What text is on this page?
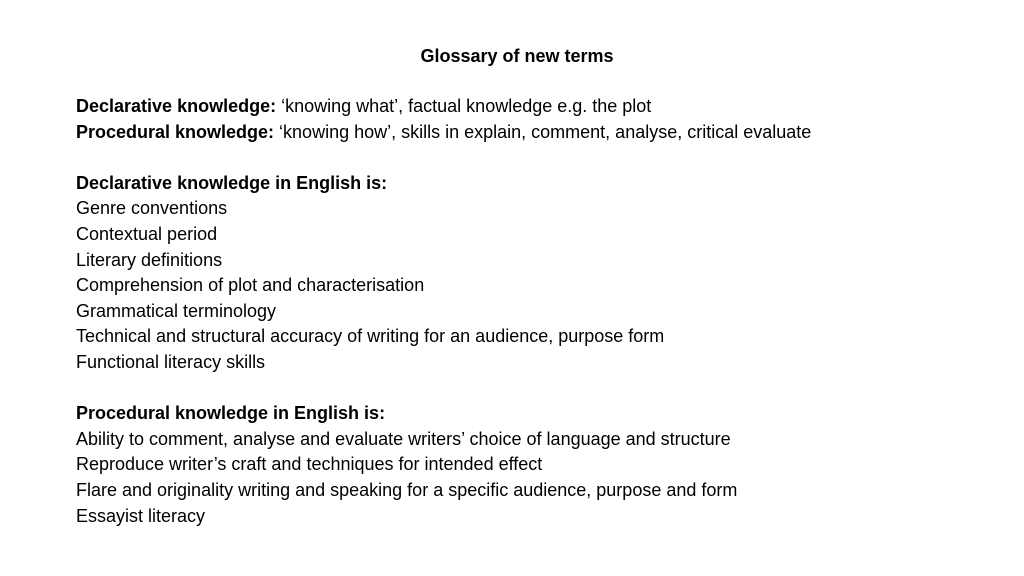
Glossary of new terms
Declarative knowledge: ‘knowing what’, factual knowledge e.g. the plot
Procedural knowledge: ‘knowing how’, skills in explain, comment, analyse, critical evaluate
Declarative knowledge in English is:
Genre conventions
Contextual period
Literary definitions
Comprehension of plot and characterisation
Grammatical terminology
Technical and structural accuracy of writing for an audience, purpose form
Functional literacy skills
Procedural knowledge in English is:
Ability to comment, analyse and evaluate writers’ choice of language and structure
Reproduce writer’s craft and techniques for intended effect
Flare and originality writing and speaking for a specific audience, purpose and form
Essayist literacy
